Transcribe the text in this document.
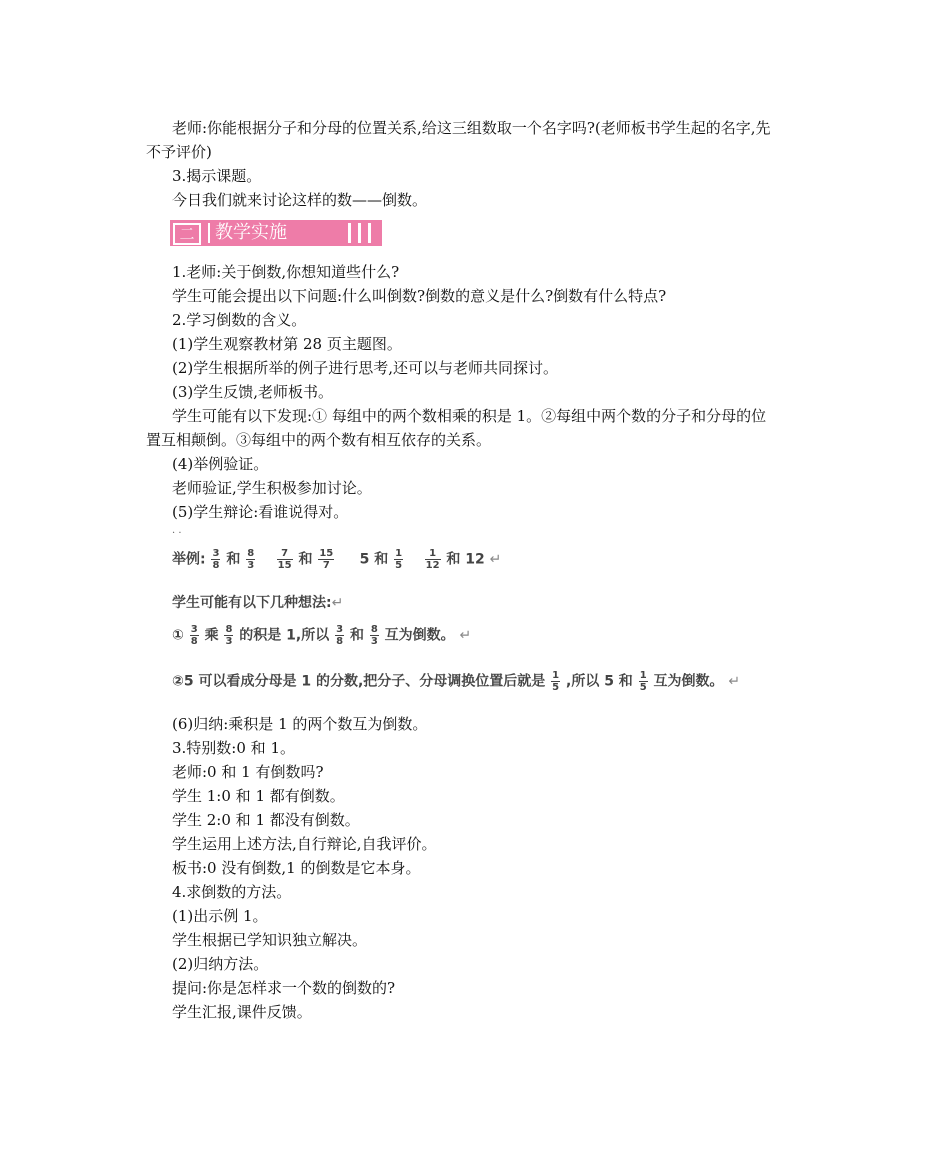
老师:你能根据分子和分母的位置关系,给这三组数取一个名字吗?(老师板书学生起的名字,先
不予评价)
3.揭示课题。
今日我们就来讨论这样的数——倒数。
二	教学实施
1.老师:关于倒数,你想知道些什么?
学生可能会提出以下问题:什么叫倒数?倒数的意义是什么?倒数有什么特点?
2.学习倒数的含义。
(1)学生观察教材第 28 页主题图。
(2)学生根据所举的例子进行思考,还可以与老师共同探讨。
(3)学生反馈,老师板书。
学生可能有以下发现:① 每组中的两个数相乘的积是 1。②每组中两个数的分子和分母的位
置互相颠倒。③每组中的两个数有相互依存的关系。
(4)举例验证。
老师验证,学生积极参加讨论。
(5)学生辩论:看谁说得对。
· ·
举例: $\frac{3}{8}$ 和 $\frac{8}{3}$
$\frac{7}{15}$ 和 $\frac{15}{7} 5$ 和 $\frac{1}{5}$
$\frac{1}{12}$ 和 12 ↵
学生可能有以下几种想法:↵
① $\frac{3}{8}$ 乘 $\frac{8}{3}$ 的积是 1,所以 $\frac{3}{8}$ 和 $\frac{8}{3}$ 互为倒数。 ↵
②5 可以看成分母是 1 的分数,把分子、分母调换位置后就是 $\frac{1}{5}$ ,所以 5 和 $\frac{1}{5}$ 互为倒数。 ↵
(6)归纳:乘积是 1 的两个数互为倒数。
3.特别数:0 和 1。
老师:0 和 1 有倒数吗?
学生 1:0 和 1 都有倒数。
学生 2:0 和 1 都没有倒数。
学生运用上述方法,自行辩论,自我评价。
板书:0 没有倒数,1 的倒数是它本身。
4.求倒数的方法。
(1)出示例 1。
学生根据已学知识独立解决。
(2)归纳方法。
提问:你是怎样求一个数的倒数的?
学生汇报,课件反馈。
